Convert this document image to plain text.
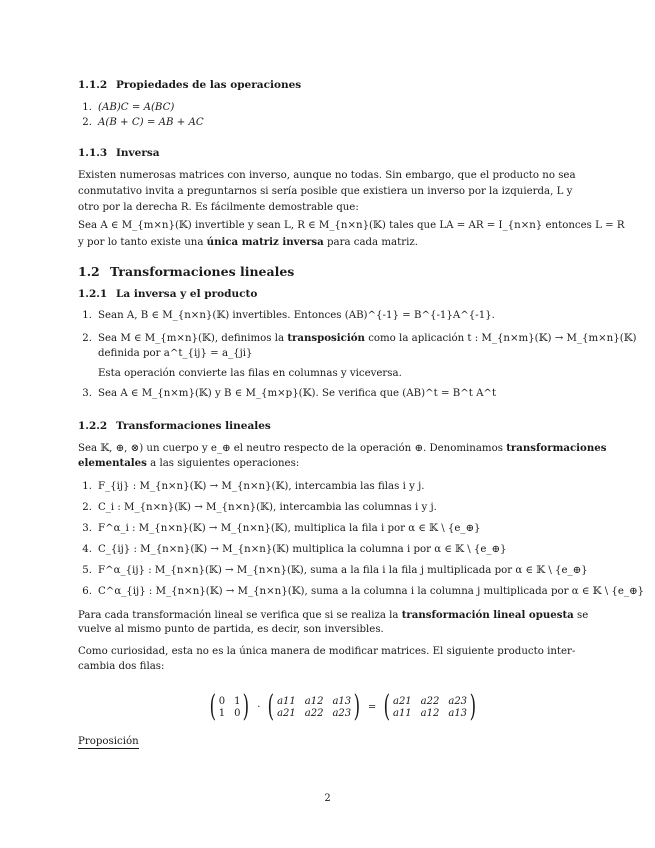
1.1.2 Propiedades de las operaciones
1. (AB)C = A(BC)
2. A(B + C) = AB + AC
1.1.3 Inversa
Existen numerosas matrices con inverso, aunque no todas. Sin embargo, que el producto no sea
conmutativo invita a preguntarnos si sería posible que existiera un inverso por la izquierda, L y
otro por la derecha R. Es fácilmente demostrable que:
Sea A ∈ M_{m×n}(𝕂) invertible y sean L, R ∈ M_{n×n}(𝕂) tales que LA = AR = I_{n×n} entonces L = R
y por lo tanto existe una única matriz inversa para cada matriz.
1.2 Transformaciones lineales
1.2.1 La inversa y el producto
1. Sean A, B ∈ M_{n×n}(𝕂) invertibles. Entonces (AB)^{-1} = B^{-1}A^{-1}.
2. Sea M ∈ M_{m×n}(𝕂), definimos la transposición como la aplicación t : M_{n×m}(𝕂) → M_{m×n}(𝕂)
definida por a^t_{ij} = a_{ji}
Esta operación convierte las filas en columnas y viceversa.
3. Sea A ∈ M_{n×m}(𝕂) y B ∈ M_{m×p}(𝕂). Se verifica que (AB)^t = B^t A^t
1.2.2 Transformaciones lineales
Sea 𝕂, ⊕, ⊗) un cuerpo y e_⊕ el neutro respecto de la operación ⊕. Denominamos transformaciones
elementales a las siguientes operaciones:
1. F_{ij} : M_{n×n}(𝕂) → M_{n×n}(𝕂), intercambia las filas i y j.
2. C_i : M_{n×n}(𝕂) → M_{n×n}(𝕂), intercambia las columnas i y j.
3. F^α_i : M_{n×n}(𝕂) → M_{n×n}(𝕂), multiplica la fila i por α ∈ 𝕂 \ {e_⊕}
4. C_{ij} : M_{n×n}(𝕂) → M_{n×n}(𝕂) multiplica la columna i por α ∈ 𝕂 \ {e_⊕}
5. F^α_{ij} : M_{n×n}(𝕂) → M_{n×n}(𝕂), suma a la fila i la fila j multiplicada por α ∈ 𝕂 \ {e_⊕}
6. C^α_{ij} : M_{n×n}(𝕂) → M_{n×n}(𝕂), suma a la columna i la columna j multiplicada por α ∈ 𝕂 \ {e_⊕}
Para cada transformación lineal se verifica que si se realiza la transformación lineal opuesta se
vuelve al mismo punto de partida, es decir, son inversibles.
Como curiosidad, esta no es la única manera de modificar matrices. El siguiente producto inter-
cambia dos filas:
( 0 1
1 0 ) · ( a11 a12 a13
a21 a22 a23 ) = ( a21 a22 a23
a11 a12 a13 )
Proposición
2
